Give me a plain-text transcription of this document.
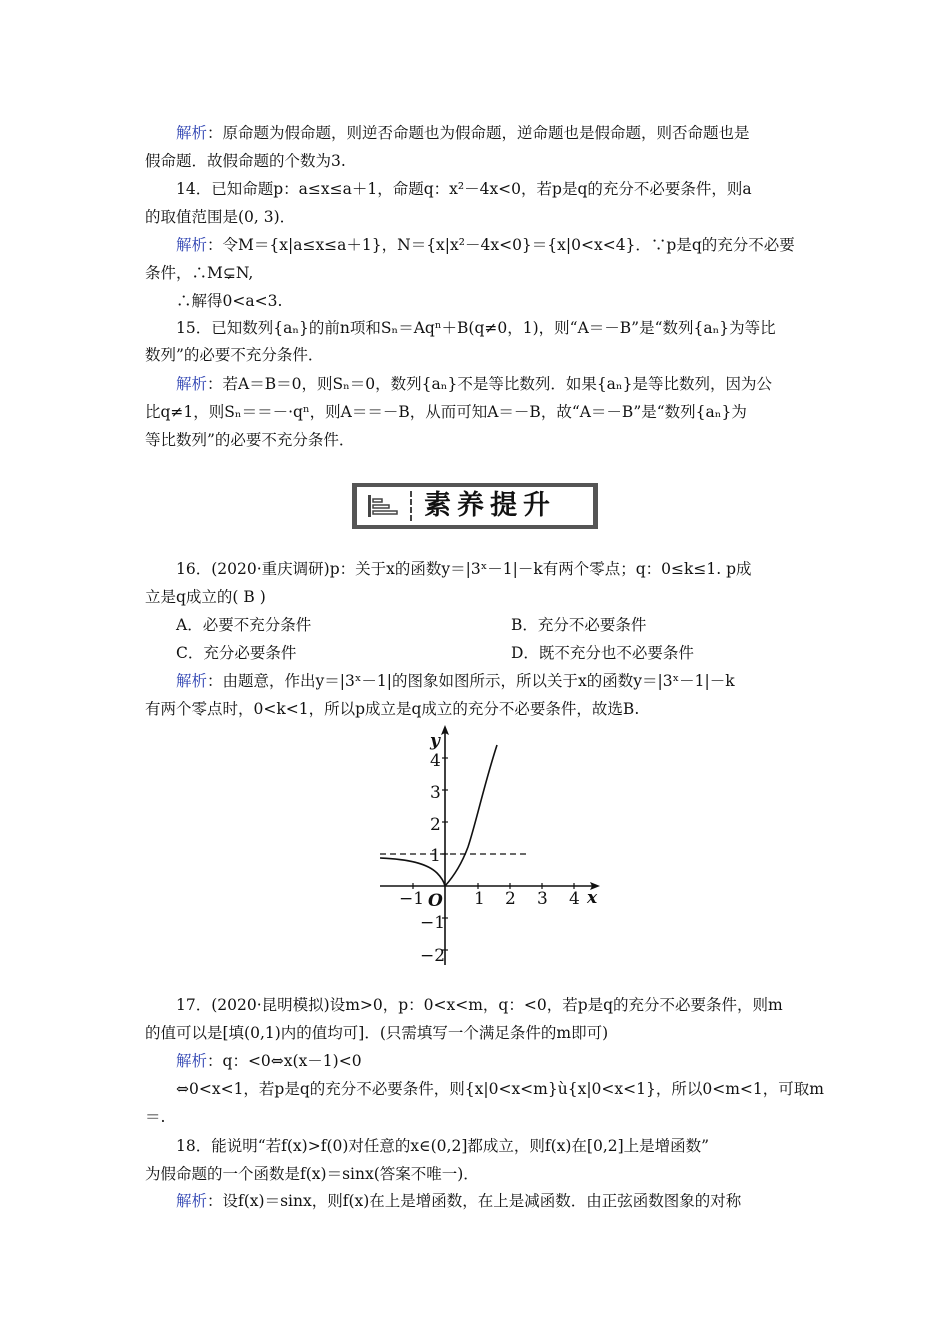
解析：原命题为假命题，则逆否命题也为假命题，逆命题也是假命题，则否命题也是
假命题．故假命题的个数为3.
14．已知命题p：a≤x≤a＋1，命题q：x²－4x<0，若p是q的充分不必要条件，则a
的取值范围是(0, 3)．
解析：令M＝{x|a≤x≤a＋1}，N＝{x|x²－4x<0}＝{x|0<x<4}．∵p是q的充分不必要
条件，∴M⊊N,
∴解得0<a<3.
15．已知数列{aₙ}的前n项和Sₙ＝Aqⁿ＋B(q≠0，1)，则“A＝－B”是“数列{aₙ}为等比
数列”的必要不充分条件．
解析：若A＝B＝0，则Sₙ＝0，数列{aₙ}不是等比数列．如果{aₙ}是等比数列，因为公
比q≠1，则Sₙ＝＝－·qⁿ，则A＝＝－B，从而可知A＝－B，故“A＝－B”是“数列{aₙ}为
等比数列”的必要不充分条件．
素养提升
16．(2020·重庆调研)p：关于x的函数y＝|3ˣ－1|－k有两个零点；q：0≤k≤1. p成
立是q成立的( B )
A．必要不充分条件	B．充分不必要条件
C．充分必要条件	D．既不充分也不必要条件
解析：由题意，作出y＝|3ˣ－1|的图象如图所示，所以关于x的函数y＝|3ˣ－1|－k
有两个零点时，0<k<1，所以p成立是q成立的充分不必要条件，故选B.
y
x
O
4
3
2
1
−1
−2
−1	1 2 3 4
17．(2020·昆明模拟)设m>0，p：0<x<m，q：<0，若p是q的充分不必要条件，则m
的值可以是[填(0,1)内的值均可]．(只需填写一个满足条件的m即可)
解析：q：<0⇔x(x－1)<0
⇔0<x<1，若p是q的充分不必要条件，则{x|0<x<m}ù{x|0<x<1}，所以0<m<1，可取m
＝.
18．能说明“若f(x)>f(0)对任意的x∈(0,2]都成立，则f(x)在[0,2]上是增函数”
为假命题的一个函数是f(x)＝sinx(答案不唯一)．
解析：设f(x)＝sinx，则f(x)在上是增函数，在上是减函数．由正弦函数图象的对称
